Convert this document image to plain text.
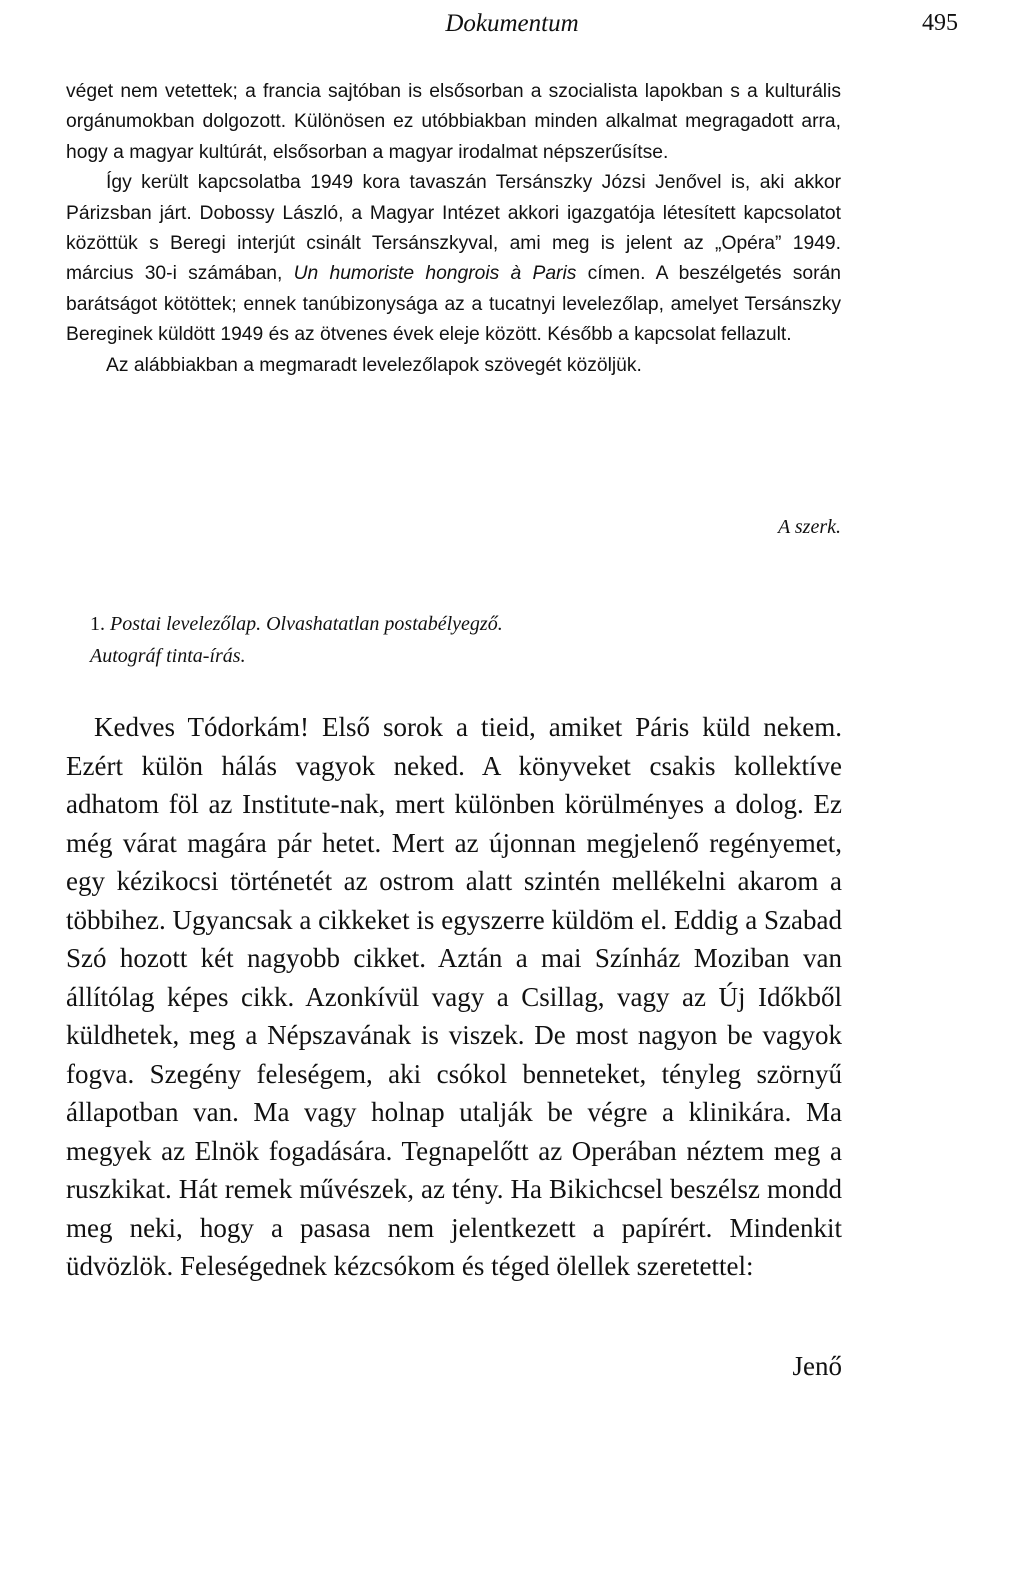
Dokumentum	495

véget nem vetettek; a francia sajtóban is elsősorban a szocialista lapokban s a kulturális orgánumokban dolgozott. Különösen ez utóbbiakban minden alkalmat megragadott arra, hogy a magyar kultúrát, elsősorban a magyar irodalmat népszerűsítse.

Így került kapcsolatba 1949 kora tavaszán Tersánszky Józsi Jenővel is, aki akkor Párizsban járt. Dobossy László, a Magyar Intézet akkori igazgatója létesített kapcsolatot közöttük s Beregi interjút csinált Tersánszkyval, ami meg is jelent az „Opéra” 1949. március 30-i számában, Un humoriste hongrois à Paris címen. A beszélgetés során barátságot kötöttek; ennek tanúbizonysága az a tucatnyi levelezőlap, amelyet Tersánszky Bereginek küldött 1949 és az ötvenes évek eleje között. Később a kapcsolat fellazult.

Az alábbiakban a megmaradt levelezőlapok szövegét közöljük.

A szerk.
1. Postai levelezőlap. Olvashatatlan postabélyegző.
Autográf tinta-írás.

Kedves Tódorkám! Első sorok a tieid, amiket Páris küld nekem. Ezért külön hálás vagyok neked. A könyveket csakis kollektíve adhatom föl az Institute-nak, mert különben körülményes a dolog. Ez még várat magára pár hetet. Mert az újonnan megjelenő regényemet, egy kézikocsi történetét az ostrom alatt szintén mellékelni akarom a többihez. Ugyancsak a cikkeket is egyszerre küldöm el. Eddig a Szabad Szó hozott két nagyobb cikket. Aztán a mai Színház Moziban van állítólag képes cikk. Azonkívül vagy a Csillag, vagy az Új Időkből küldhetek, meg a Népszavának is viszek. De most nagyon be vagyok fogva. Szegény feleségem, aki csókol benneteket, tényleg szörnyű állapotban van. Ma vagy holnap utalják be végre a klinikára. Ma megyek az Elnök fogadására. Tegnapelőtt az Operában néztem meg a ruszkikat. Hát remek művészek, az tény. Ha Bikichcsel beszélsz mondd meg neki, hogy a pasasa nem jelentkezett a papírért. Mindenkit üdvözlök. Feleségednek kézcsókom és téged ölellek szeretettel:

Jenő
